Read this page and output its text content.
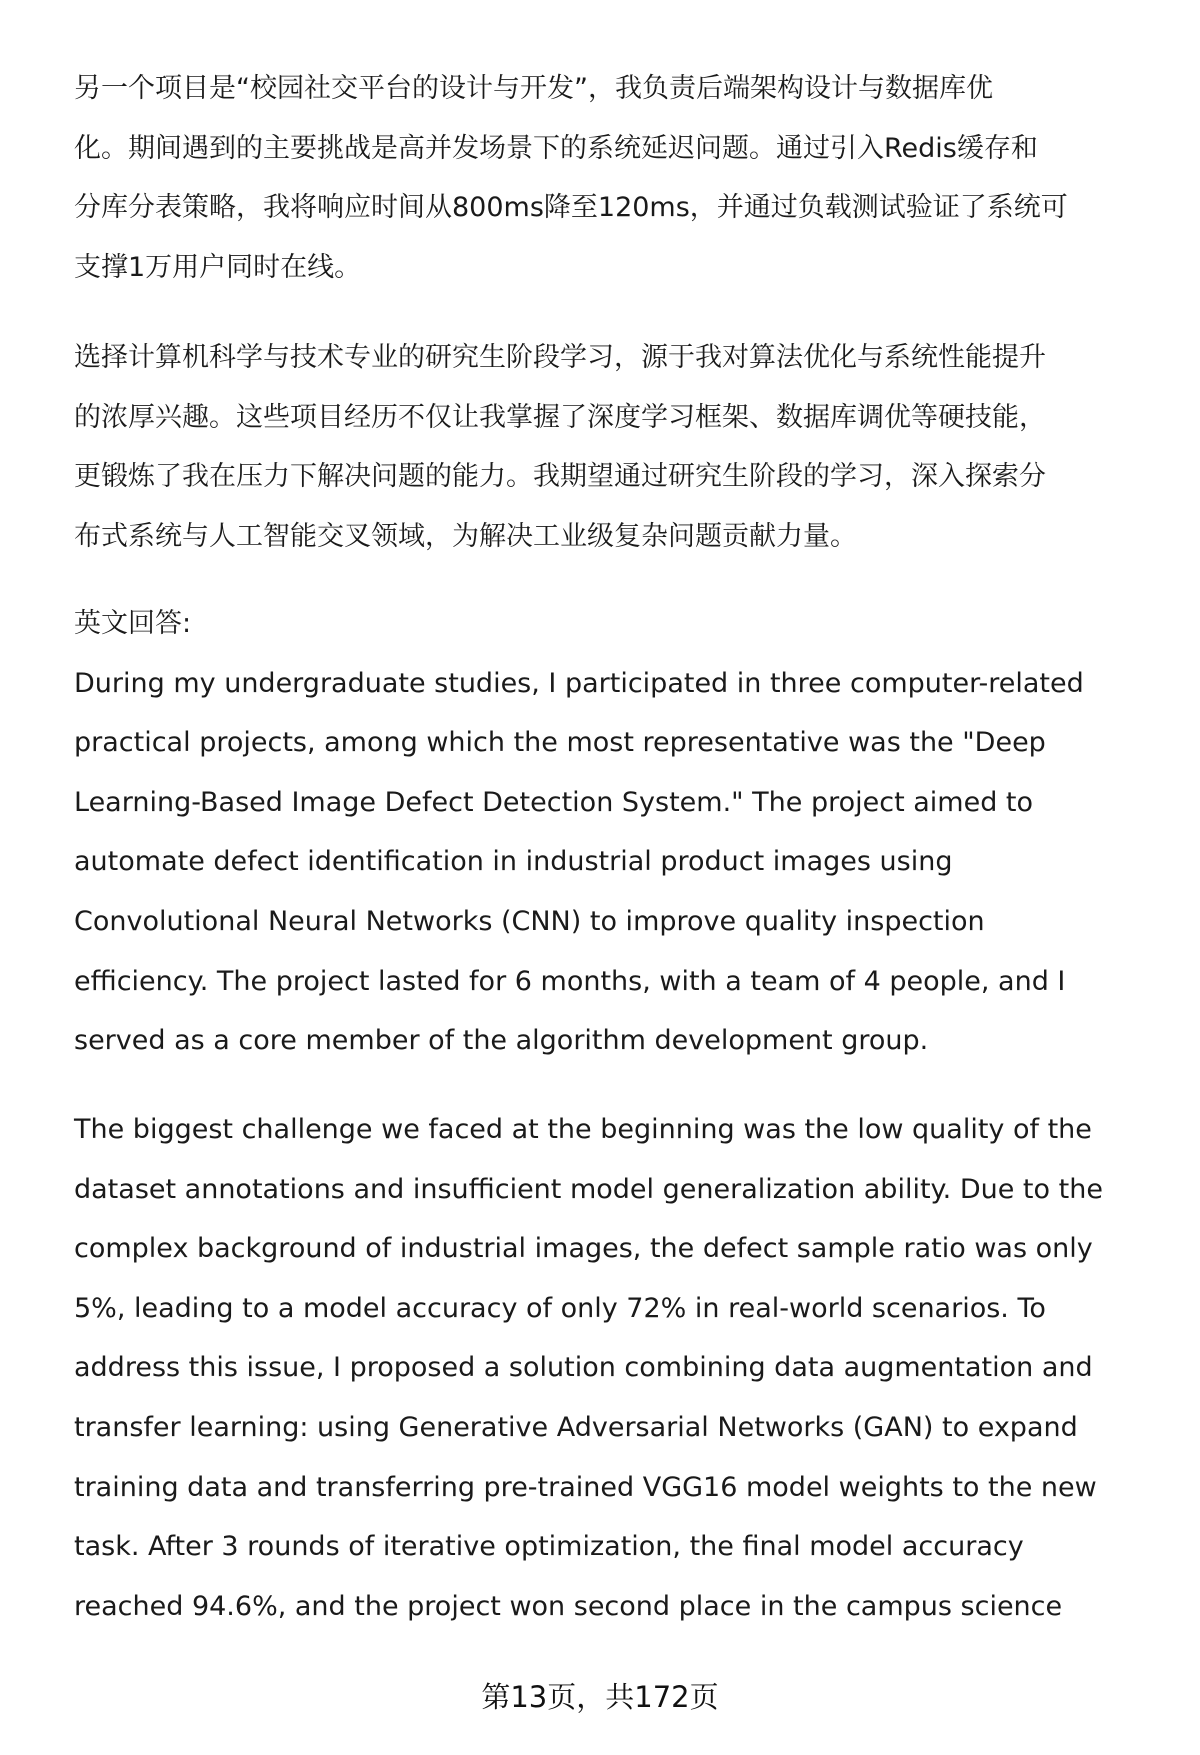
另一个项目是“校园社交平台的设计与开发”，我负责后端架构设计与数据库优
化。期间遇到的主要挑战是高并发场景下的系统延迟问题。通过引入Redis缓存和
分库分表策略，我将响应时间从800ms降至120ms，并通过负载测试验证了系统可
支撑1万用户同时在线。
选择计算机科学与技术专业的研究生阶段学习，源于我对算法优化与系统性能提升
的浓厚兴趣。这些项目经历不仅让我掌握了深度学习框架、数据库调优等硬技能，
更锻炼了我在压力下解决问题的能力。我期望通过研究生阶段的学习，深入探索分
布式系统与人工智能交叉领域，为解决工业级复杂问题贡献力量。
英文回答:
During my undergraduate studies, I participated in three computer-related
practical projects, among which the most representative was the "Deep
Learning-Based Image Defect Detection System." The project aimed to
automate defect identification in industrial product images using
Convolutional Neural Networks (CNN) to improve quality inspection
efficiency. The project lasted for 6 months, with a team of 4 people, and I
served as a core member of the algorithm development group.
The biggest challenge we faced at the beginning was the low quality of the
dataset annotations and insufficient model generalization ability. Due to the
complex background of industrial images, the defect sample ratio was only
5%, leading to a model accuracy of only 72% in real-world scenarios. To
address this issue, I proposed a solution combining data augmentation and
transfer learning: using Generative Adversarial Networks (GAN) to expand
training data and transferring pre-trained VGG16 model weights to the new
task. After 3 rounds of iterative optimization, the final model accuracy
reached 94.6%, and the project won second place in the campus science
第13页，共172页
